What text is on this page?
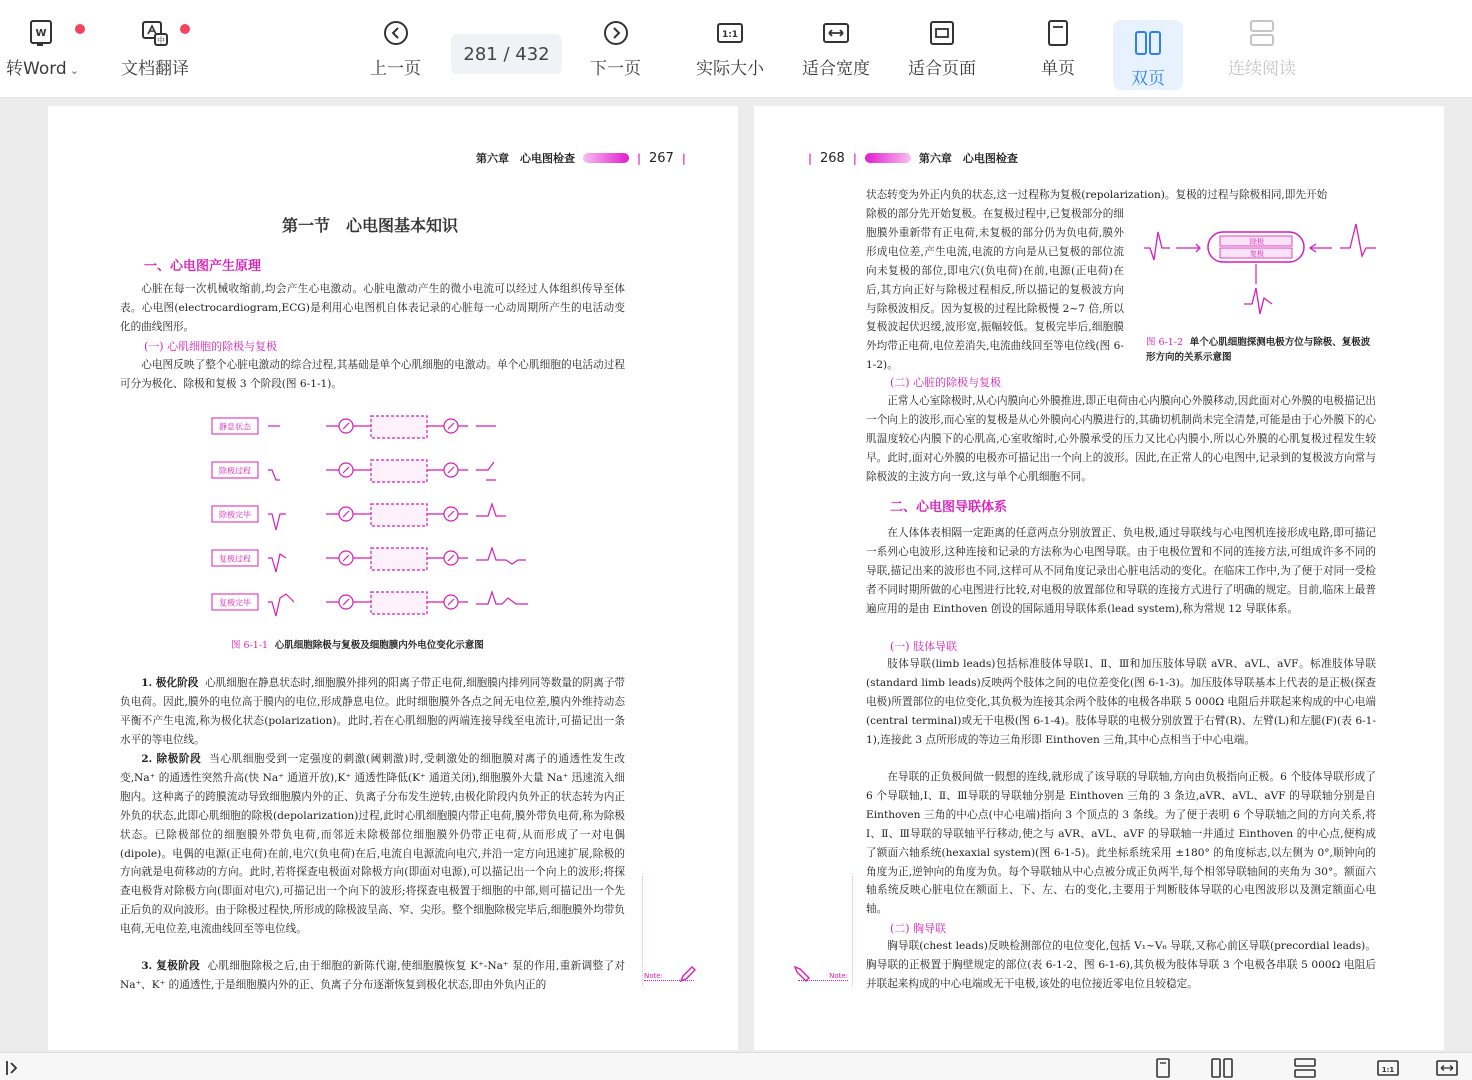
W
转Word ⌄
中
文档翻译	上一页
281 / 432
下一页
1:1
实际大小 适合宽度 适合页面	单页	双页	连续阅读
第六章　心电图检查	| 267 |
第一节　心电图基本知识
一、心电图产生原理
心脏在每一次机械收缩前,均会产生心电激动。心脏电激动产生的微小电流可以经过人体组织传导至体表。心电图(electrocardiogram,ECG)是利用心电图机自体表记录的心脏每一心动周期所产生的电活动变化的曲线图形。
(一) 心肌细胞的除极与复极
心电图反映了整个心脏电激动的综合过程,其基础是单个心肌细胞的电激动。单个心肌细胞的电活动过程可分为极化、除极和复极 3 个阶段(图 6-1-1)。
静息状态
除极过程
除极完毕
复极过程
复极完毕
图 6-1-1 心肌细胞除极与复极及细胞膜内外电位变化示意图
1. 极化阶段 心肌细胞在静息状态时,细胞膜外排列的阳离子带正电荷,细胞膜内排列同等数量的阴离子带负电荷。因此,膜外的电位高于膜内的电位,形成静息电位。此时细胞膜外各点之间无电位差,膜内外维持动态平衡不产生电流,称为极化状态(polarization)。此时,若在心肌细胞的两端连接导线至电流计,可描记出一条水平的等电位线。
2. 除极阶段 当心肌细胞受到一定强度的刺激(阈刺激)时,受刺激处的细胞膜对离子的通透性发生改变,Na⁺ 的通透性突然升高(快 Na⁺ 通道开放),K⁺ 通透性降低(K⁺ 通道关闭),细胞膜外大量 Na⁺ 迅速流入细胞内。这种离子的跨膜流动导致细胞膜内外的正、负离子分布发生逆转,由极化阶段内负外正的状态转为内正外负的状态,此即心肌细胞的除极(depolarization)过程,此时心肌细胞膜内带正电荷,膜外带负电荷,称为除极状态。已除极部位的细胞膜外带负电荷,而邻近未除极部位细胞膜外仍带正电荷,从而形成了一对电偶(dipole)。电偶的电源(正电荷)在前,电穴(负电荷)在后,电流自电源流向电穴,并沿一定方向迅速扩展,除极的方向就是电荷移动的方向。此时,若将探查电极面对除极方向(即面对电源),可以描记出一个向上的波形;将探查电极背对除极方向(即面对电穴),可描记出一个向下的波形;将探查电极置于细胞的中部,则可描记出一个先正后负的双向波形。由于除极过程快,所形成的除极波呈高、窄、尖形。整个细胞除极完毕后,细胞膜外均带负电荷,无电位差,电流曲线回至等电位线。
3. 复极阶段 心肌细胞除极之后,由于细胞的新陈代谢,使细胞膜恢复 K⁺-Na⁺ 泵的作用,重新调整了对 Na⁺、K⁺ 的通透性,于是细胞膜内外的正、负离子分布逐渐恢复到极化状态,即由外负内正的
Note:
| 268 |	第六章　心电图检查
状态转变为外正内负的状态,这一过程称为复极(repolarization)。复极的过程与除极相同,即先开始
除极的部分先开始复极。在复极过程中,已复极部分的细胞膜外重新带有正电荷,未复极的部分仍为负电荷,膜外形成电位差,产生电流,电流的方向是从已复极的部位流向未复极的部位,即电穴(负电荷)在前,电源(正电荷)在后,其方向正好与除极过程相反,所以描记的复极波方向与除极波相反。因为复极的过程比除极慢 2~7 倍,所以复极波起伏迟缓,波形宽,振幅较低。复极完毕后,细胞膜外均带正电荷,电位差消失,电流曲线回至等电位线(图 6-1-2)。
除极
复极
图 6-1-2 单个心肌细胞探测电极方位与除极、复极波形方向的关系示意图
(二) 心脏的除极与复极
正常人心室除极时,从心内膜向心外膜推进,即正电荷由心内膜向心外膜移动,因此面对心外膜的电极描记出一个向上的波形,而心室的复极是从心外膜向心内膜进行的,其确切机制尚未完全清楚,可能是由于心外膜下的心肌温度较心内膜下的心肌高,心室收缩时,心外膜承受的压力又比心内膜小,所以心外膜的心肌复极过程发生较早。此时,面对心外膜的电极亦可描记出一个向上的波形。因此,在正常人的心电图中,记录到的复极波方向常与除极波的主波方向一致,这与单个心肌细胞不同。
二、心电图导联体系
在人体体表相隔一定距离的任意两点分别放置正、负电极,通过导联线与心电图机连接形成电路,即可描记一系列心电波形,这种连接和记录的方法称为心电图导联。由于电极位置和不同的连接方法,可组成许多不同的导联,描记出来的波形也不同,这样可从不同角度记录出心脏电活动的变化。在临床工作中,为了便于对同一受检者不同时期所做的心电图进行比较,对电极的放置部位和导联的连接方式进行了明确的规定。目前,临床上最普遍应用的是由 Einthoven 创设的国际通用导联体系(lead system),称为常规 12 导联体系。
(一) 肢体导联
肢体导联(limb leads)包括标准肢体导联Ⅰ、Ⅱ、Ⅲ和加压肢体导联 aVR、aVL、aVF。标准肢体导联(standard limb leads)反映两个肢体之间的电位差变化(图 6-1-3)。加压肢体导联基本上代表的是正极(探查电极)所置部位的电位变化,其负极为连接其余两个肢体的电极各串联 5 000Ω 电阻后并联起来构成的中心电端(central terminal)或无干电极(图 6-1-4)。肢体导联的电极分别放置于右臂(R)、左臂(L)和左腿(F)(表 6-1-1),连接此 3 点所形成的等边三角形即 Einthoven 三角,其中心点相当于中心电端。
在导联的正负极间做一假想的连线,就形成了该导联的导联轴,方向由负极指向正极。6 个肢体导联形成了 6 个导联轴,Ⅰ、Ⅱ、Ⅲ导联的导联轴分别是 Einthoven 三角的 3 条边,aVR、aVL、aVF 的导联轴分别是自 Einthoven 三角的中心点(中心电端)指向 3 个顶点的 3 条线。为了便于表明 6 个导联轴之间的方向关系,将Ⅰ、Ⅱ、Ⅲ导联的导联轴平行移动,使之与 aVR、aVL、aVF 的导联轴一并通过 Einthoven 的中心点,便构成了额面六轴系统(hexaxial system)(图 6-1-5)。此坐标系统采用 ±180° 的角度标志,以左侧为 0°,顺钟向的角度为正,逆钟向的角度为负。每个导联轴从中心点被分成正负两半,每个相邻导联轴间的夹角为 30°。额面六轴系统反映心脏电位在额面上、下、左、右的变化,主要用于判断肢体导联的心电图波形以及测定额面心电轴。
(二) 胸导联
胸导联(chest leads)反映检测部位的电位变化,包括 V₁~V₆ 导联,又称心前区导联(precordial leads)。胸导联的正极置于胸壁规定的部位(表 6-1-2、图 6-1-6),其负极为肢体导联 3 个电极各串联 5 000Ω 电阻后并联起来构成的中心电端或无干电极,该处的电位接近零电位且较稳定。
Note:
1:1
